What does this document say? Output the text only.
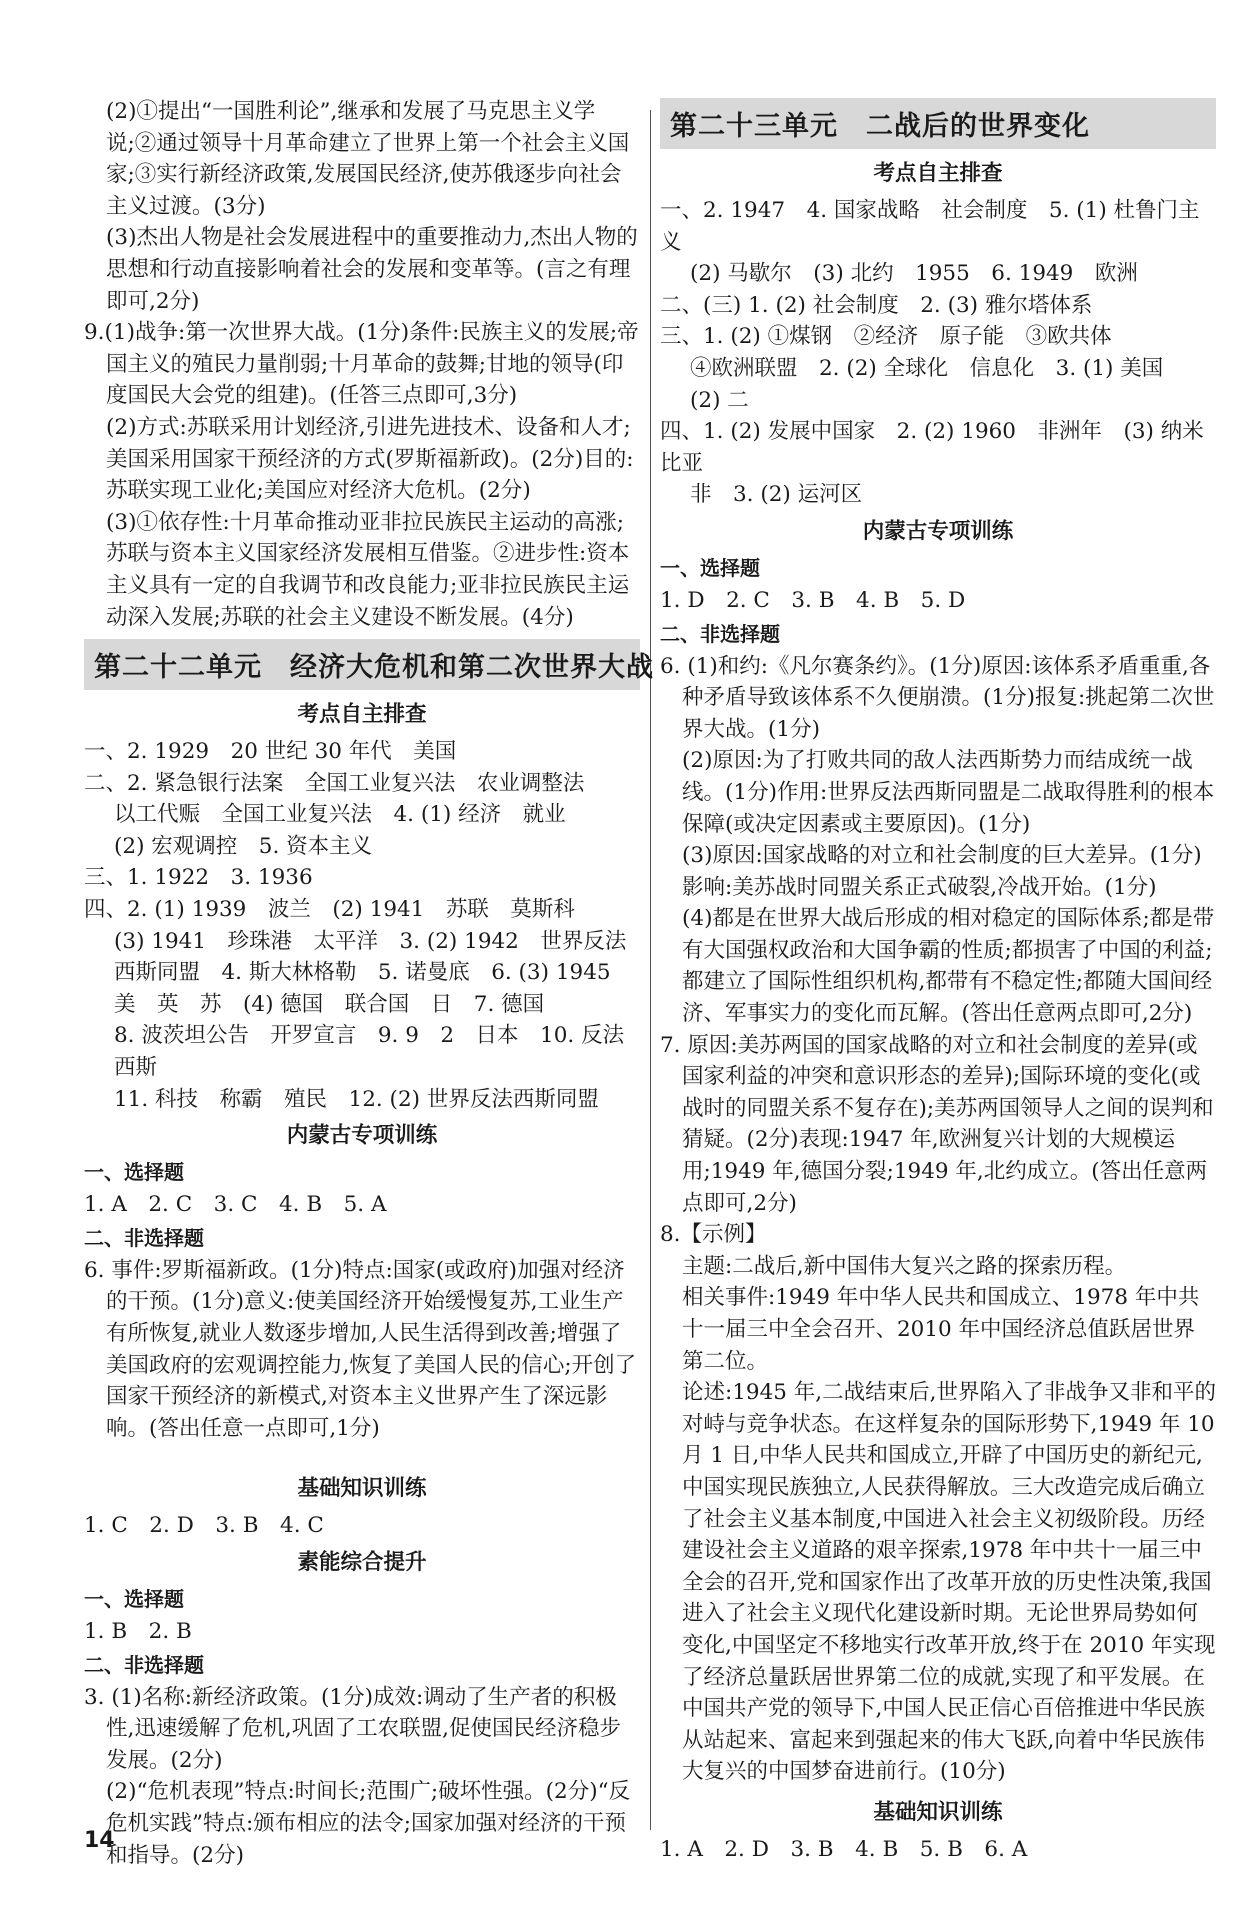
(2)①提出“一国胜利论”,继承和发展了马克思主义学说;②通过领导十月革命建立了世界上第一个社会主义国家;③实行新经济政策,发展国民经济,使苏俄逐步向社会主义过渡。(3分)

(3)杰出人物是社会发展进程中的重要推动力,杰出人物的思想和行动直接影响着社会的发展和变革等。(言之有理即可,2分)

9.(1)战争:第一次世界大战。(1分)条件:民族主义的发展;帝国主义的殖民力量削弱;十月革命的鼓舞;甘地的领导(印度国民大会党的组建)。(任答三点即可,3分)

(2)方式:苏联采用计划经济,引进先进技术、设备和人才;美国采用国家干预经济的方式(罗斯福新政)。(2分)目的:苏联实现工业化;美国应对经济大危机。(2分)

(3)①依存性:十月革命推动亚非拉民族民主运动的高涨;苏联与资本主义国家经济发展相互借鉴。②进步性:资本主义具有一定的自我调节和改良能力;亚非拉民族民主运动深入发展;苏联的社会主义建设不断发展。(4分)

第二十二单元　经济大危机和第二次世界大战
考点自主排查

一、2. 1929　20 世纪 30 年代　美国

二、2. 紧急银行法案　全国工业复兴法　农业调整法

以工代赈　全国工业复兴法　4. (1) 经济　就业

(2) 宏观调控　5. 资本主义

三、1. 1922　3. 1936

四、2. (1) 1939　波兰　(2) 1941　苏联　莫斯科

(3) 1941　珍珠港　太平洋　3. (2) 1942　世界反法西斯同盟　4. 斯大林格勒　5. 诺曼底　6. (3) 1945

美　英　苏　(4) 德国　联合国　日　7. 德国

8. 波茨坦公告　开罗宣言　9. 9　2　日本　10. 反法西斯

11. 科技　称霸　殖民　12. (2) 世界反法西斯同盟

内蒙古专项训练
一、选择题

1. A　2. C　3. C　4. B　5. A

二、非选择题

6. 事件:罗斯福新政。(1分)特点:国家(或政府)加强对经济的干预。(1分)意义:使美国经济开始缓慢复苏,工业生产有所恢复,就业人数逐步增加,人民生活得到改善;增强了美国政府的宏观调控能力,恢复了美国人民的信心;开创了国家干预经济的新模式,对资本主义世界产生了深远影响。(答出任意一点即可,1分)

基础知识训练

1. C　2. D　3. B　4. C

素能综合提升
一、选择题

1. B　2. B

二、非选择题

3. (1)名称:新经济政策。(1分)成效:调动了生产者的积极性,迅速缓解了危机,巩固了工农联盟,促使国民经济稳步发展。(2分)

(2)“危机表现”特点:时间长;范围广;破坏性强。(2分)“反危机实践”特点:颁布相应的法令;国家加强对经济的干预和指导。(2分)

第二十三单元　二战后的世界变化
考点自主排查

一、2. 1947　4. 国家战略　社会制度　5. (1) 杜鲁门主义

(2) 马歇尔　(3) 北约　1955　6. 1949　欧洲

二、(三) 1. (2) 社会制度　2. (3) 雅尔塔体系

三、1. (2) ①煤钢　②经济　原子能　③欧共体

④欧洲联盟　2. (2) 全球化　信息化　3. (1) 美国

(2) 二

四、1. (2) 发展中国家　2. (2) 1960　非洲年　(3) 纳米比亚

非　3. (2) 运河区

内蒙古专项训练
一、选择题

1. D　2. C　3. B　4. B　5. D

二、非选择题

6. (1)和约:《凡尔赛条约》。(1分)原因:该体系矛盾重重,各种矛盾导致该体系不久便崩溃。(1分)报复:挑起第二次世界大战。(1分)

(2)原因:为了打败共同的敌人法西斯势力而结成统一战线。(1分)作用:世界反法西斯同盟是二战取得胜利的根本保障(或决定因素或主要原因)。(1分)

(3)原因:国家战略的对立和社会制度的巨大差异。(1分)影响:美苏战时同盟关系正式破裂,冷战开始。(1分)

(4)都是在世界大战后形成的相对稳定的国际体系;都是带有大国强权政治和大国争霸的性质;都损害了中国的利益;都建立了国际性组织机构,都带有不稳定性;都随大国间经济、军事实力的变化而瓦解。(答出任意两点即可,2分)

7. 原因:美苏两国的国家战略的对立和社会制度的差异(或国家利益的冲突和意识形态的差异);国际环境的变化(或战时的同盟关系不复存在);美苏两国领导人之间的误判和猜疑。(2分)表现:1947 年,欧洲复兴计划的大规模运用;1949 年,德国分裂;1949 年,北约成立。(答出任意两点即可,2分)

8.【示例】

主题:二战后,新中国伟大复兴之路的探索历程。

相关事件:1949 年中华人民共和国成立、1978 年中共十一届三中全会召开、2010 年中国经济总值跃居世界第二位。

论述:1945 年,二战结束后,世界陷入了非战争又非和平的对峙与竞争状态。在这样复杂的国际形势下,1949 年 10 月 1 日,中华人民共和国成立,开辟了中国历史的新纪元,中国实现民族独立,人民获得解放。三大改造完成后确立了社会主义基本制度,中国进入社会主义初级阶段。历经建设社会主义道路的艰辛探索,1978 年中共十一届三中全会的召开,党和国家作出了改革开放的历史性决策,我国进入了社会主义现代化建设新时期。无论世界局势如何变化,中国坚定不移地实行改革开放,终于在 2010 年实现了经济总量跃居世界第二位的成就,实现了和平发展。在中国共产党的领导下,中国人民正信心百倍推进中华民族从站起来、富起来到强起来的伟大飞跃,向着中华民族伟大复兴的中国梦奋进前行。(10分)

基础知识训练

1. A　2. D　3. B　4. B　5. B　6. A

14
